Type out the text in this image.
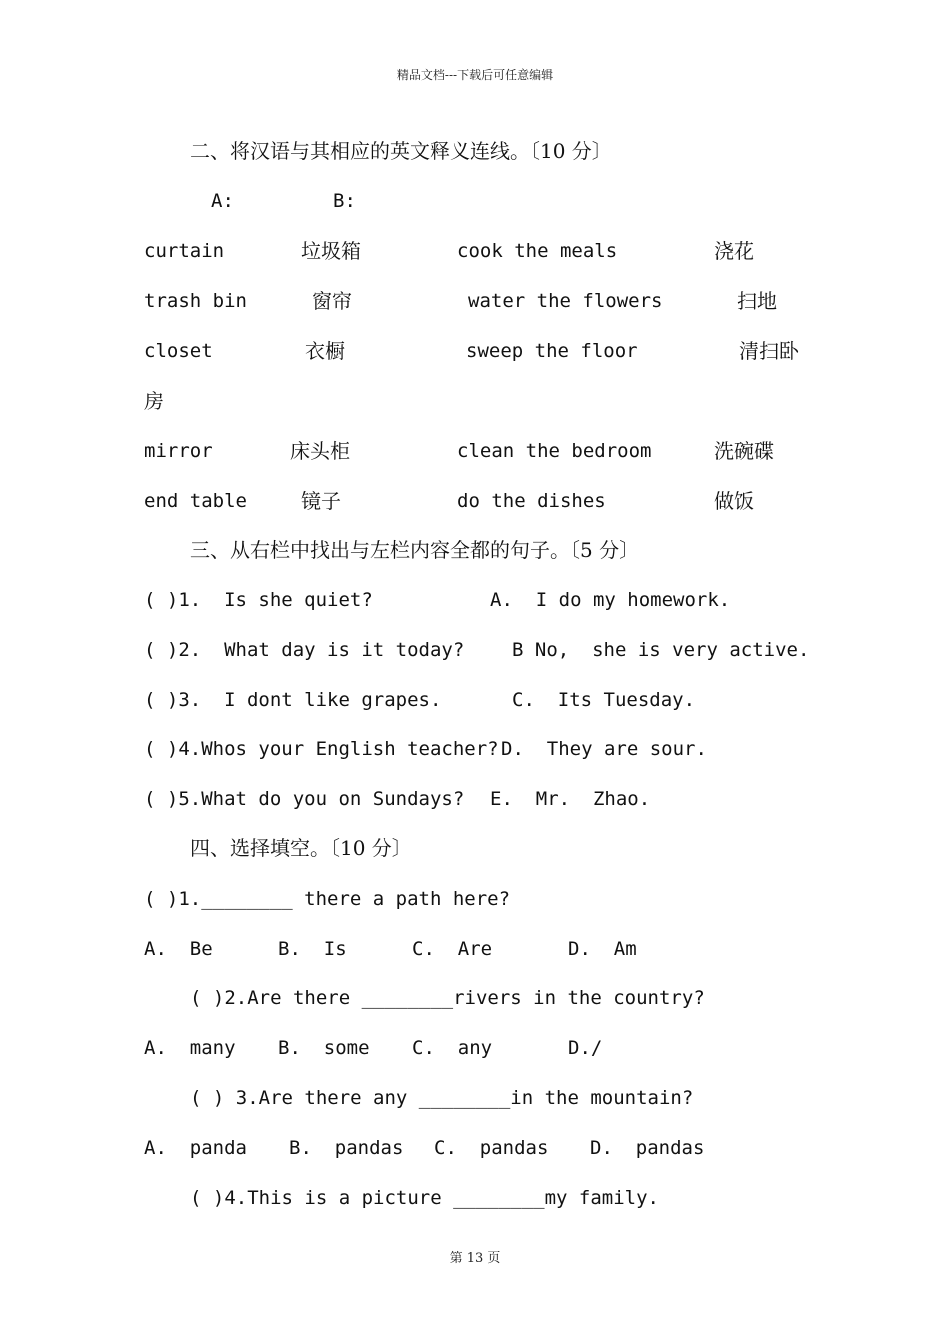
精品文档---下载后可任意编辑
二、将汉语与其相应的英文释义连线。〔10 分〕
A:	B:
curtain	垃圾箱	cook the meals	浇花
trash bin	窗帘	water the flowers	扫地
closet	衣橱	sweep the floor	清扫卧
房
mirror	床头柜	clean the bedroom	洗碗碟
end table	镜子	do the dishes	做饭
三、从右栏中找出与左栏内容全都的句子。〔5 分〕
( )1.  Is she quiet?	A.  I do my homework.
( )2.  What day is it today?	B No,  she is very active.
( )3.  I dont like grapes.	C.  Its Tuesday.
( )4.Whos your English teacher? D.  They are sour.
( )5.What do you on Sundays? E.  Mr.  Zhao.
四、选择填空。〔10 分〕
( )1.________ there a path here?
A.  Be	B.  Is	C.  Are	D.  Am
( )2.Are there ________rivers in the country?
A.  many B.  some C.  any	D./
( ) 3.Are there any ________in the mountain?
A.  panda B.  pandas C.  pandas D.  pandas
( )4.This is a picture ________my family.
第 13 页
